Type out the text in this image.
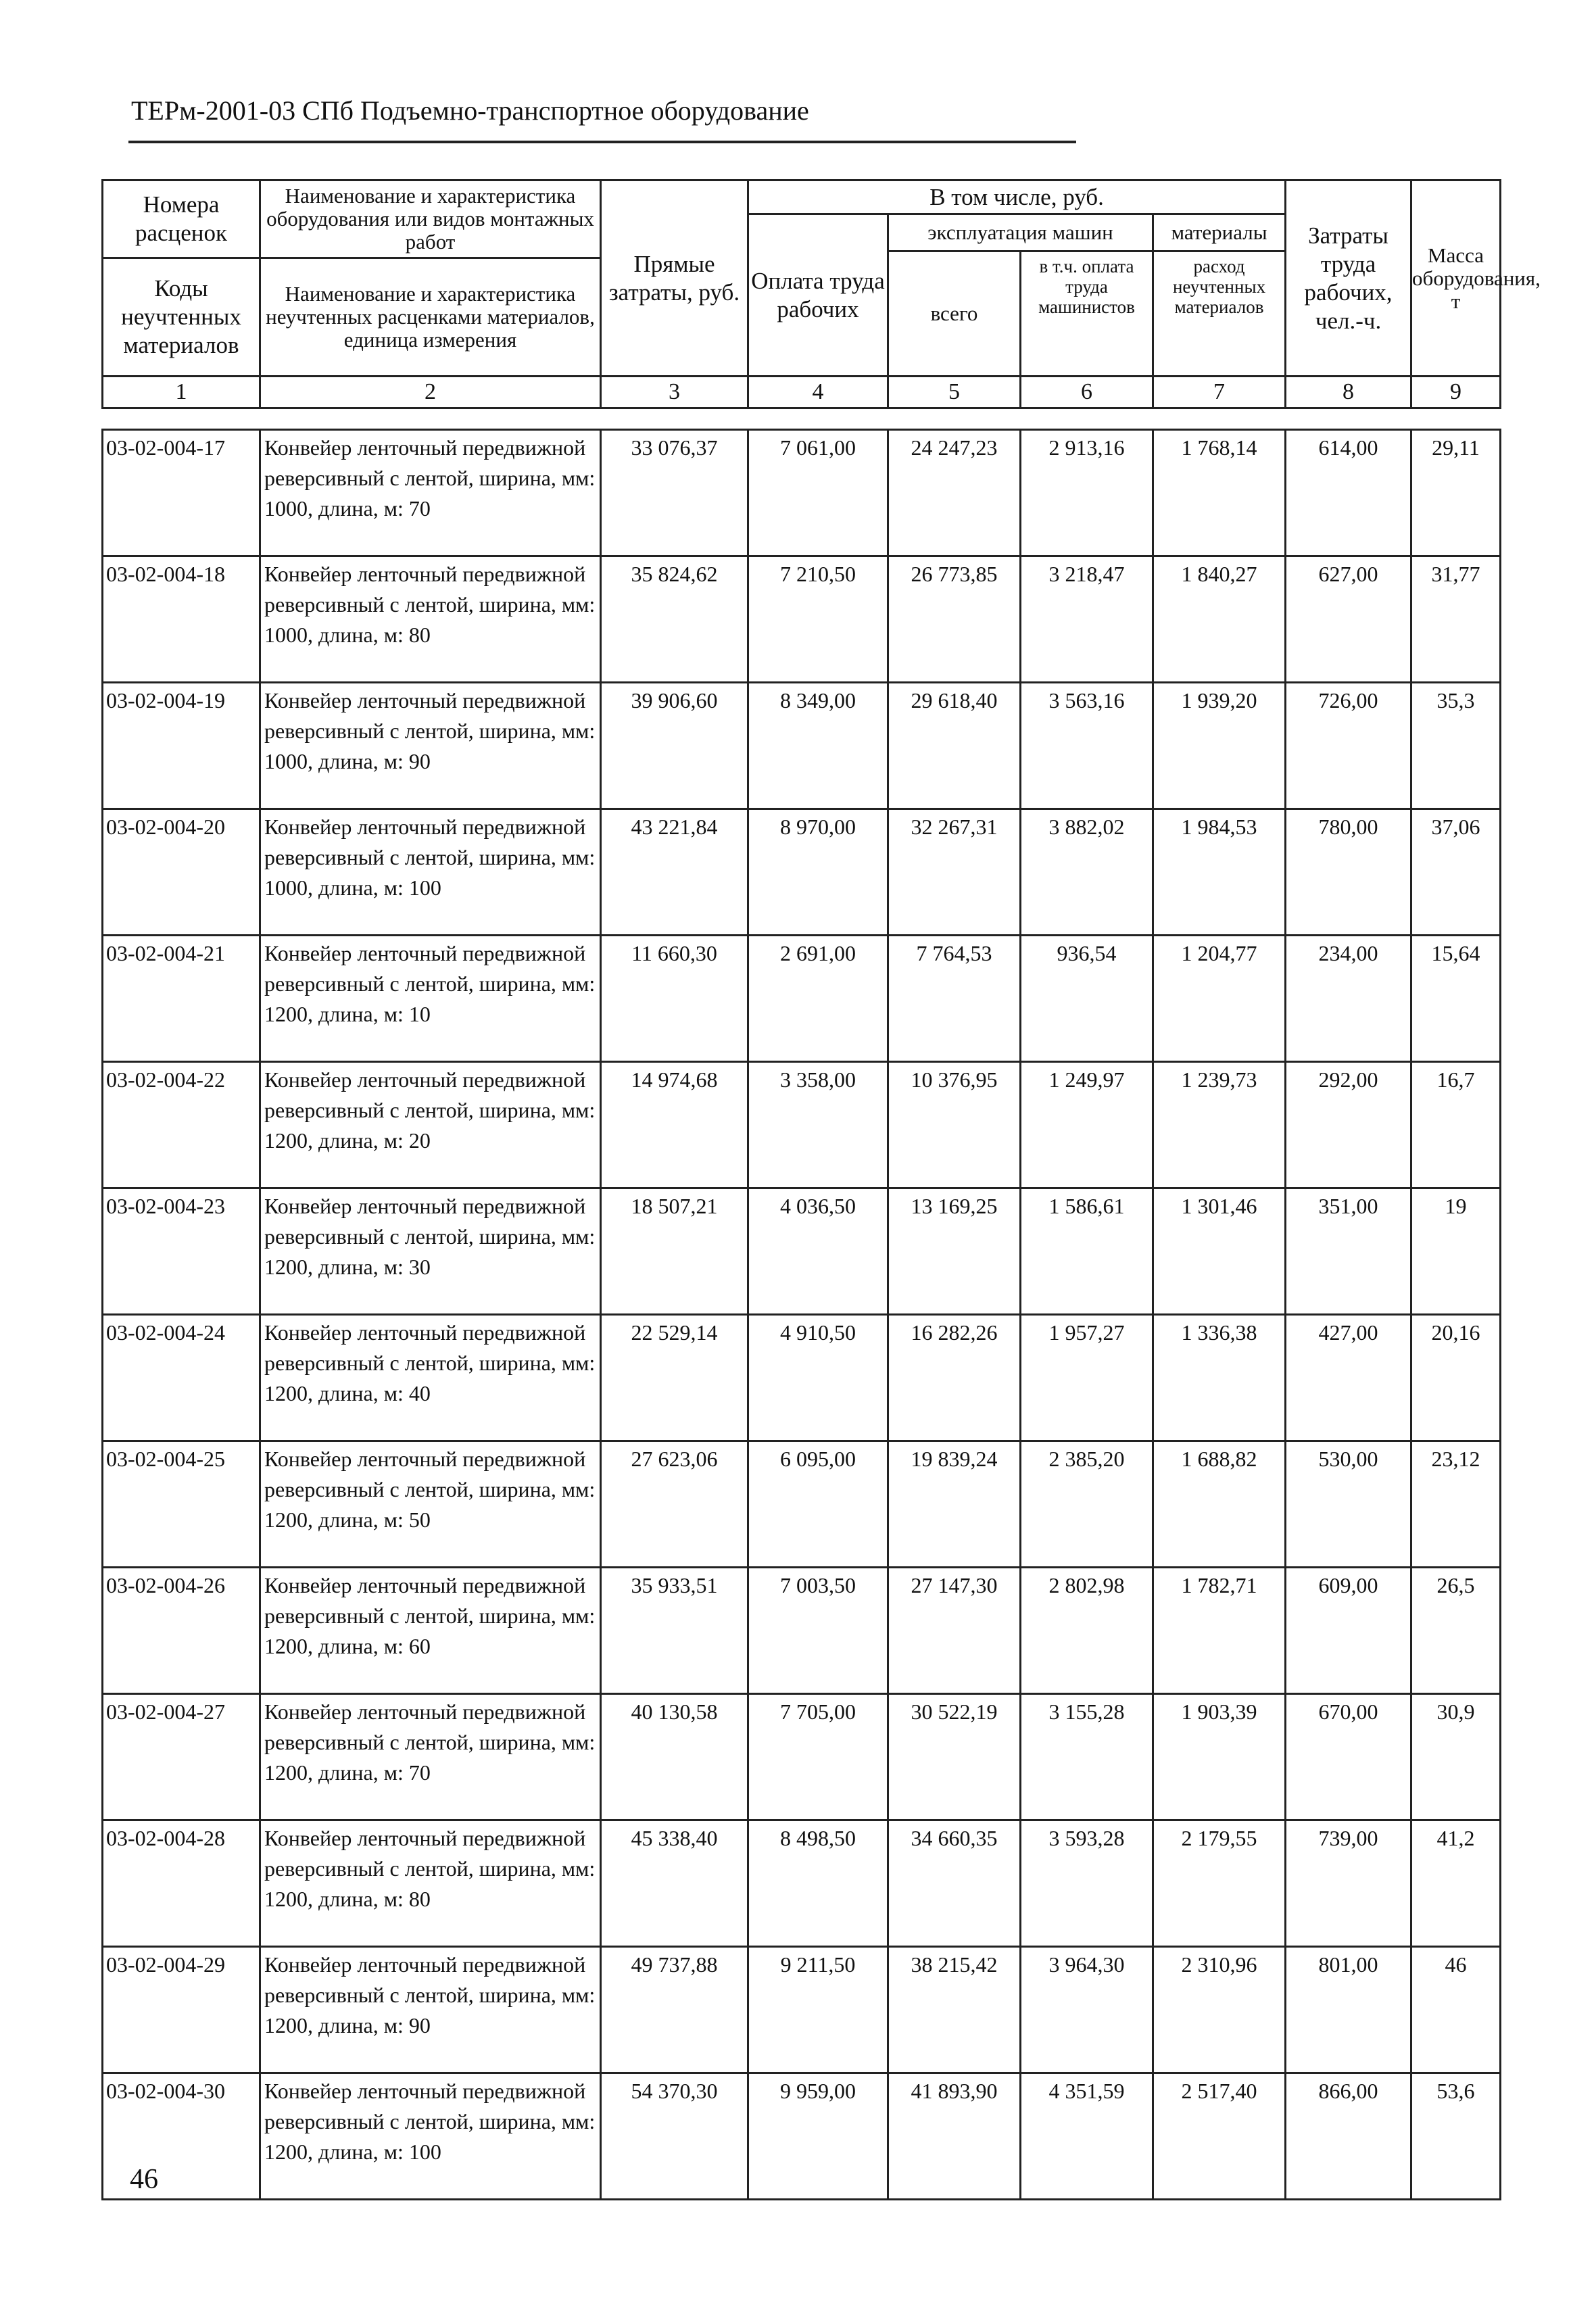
ТЕРм-2001-03 СПб Подъемно-транспортное оборудование
Номера расценок	Наименование и характеристика оборудования или видов монтажных работ	Прямые затраты, руб.	В том числе, руб.				Затраты труда рабочих, чел.-ч.	Масса оборудования, т
			Оплата труда рабочих	эксплуатация машин		материалы		
				всего	в т.ч. оплата труда машинистов	расход неучтенных материалов		
Коды неучтенных материалов	Наименование и характеристика неучтенных расценками материалов, единица измерения							

1	2	3	4	5	6	7	8	9
03-02-004-17	Конвейер ленточный передвижной реверсивный с лентой, ширина, мм: 1000, длина, м: 70	33 076,37	7 061,00	24 247,23	2 913,16	1 768,14	614,00	29,11
03-02-004-18	Конвейер ленточный передвижной реверсивный с лентой, ширина, мм: 1000, длина, м: 80	35 824,62	7 210,50	26 773,85	3 218,47	1 840,27	627,00	31,77
03-02-004-19	Конвейер ленточный передвижной реверсивный с лентой, ширина, мм: 1000, длина, м: 90	39 906,60	8 349,00	29 618,40	3 563,16	1 939,20	726,00	35,3
03-02-004-20	Конвейер ленточный передвижной реверсивный с лентой, ширина, мм: 1000, длина, м: 100	43 221,84	8 970,00	32 267,31	3 882,02	1 984,53	780,00	37,06
03-02-004-21	Конвейер ленточный передвижной реверсивный с лентой, ширина, мм: 1200, длина, м: 10	11 660,30	2 691,00	7 764,53	936,54	1 204,77	234,00	15,64
03-02-004-22	Конвейер ленточный передвижной реверсивный с лентой, ширина, мм: 1200, длина, м: 20	14 974,68	3 358,00	10 376,95	1 249,97	1 239,73	292,00	16,7
03-02-004-23	Конвейер ленточный передвижной реверсивный с лентой, ширина, мм: 1200, длина, м: 30	18 507,21	4 036,50	13 169,25	1 586,61	1 301,46	351,00	19
03-02-004-24	Конвейер ленточный передвижной реверсивный с лентой, ширина, мм: 1200, длина, м: 40	22 529,14	4 910,50	16 282,26	1 957,27	1 336,38	427,00	20,16
03-02-004-25	Конвейер ленточный передвижной реверсивный с лентой, ширина, мм: 1200, длина, м: 50	27 623,06	6 095,00	19 839,24	2 385,20	1 688,82	530,00	23,12
03-02-004-26	Конвейер ленточный передвижной реверсивный с лентой, ширина, мм: 1200, длина, м: 60	35 933,51	7 003,50	27 147,30	2 802,98	1 782,71	609,00	26,5
03-02-004-27	Конвейер ленточный передвижной реверсивный с лентой, ширина, мм: 1200, длина, м: 70	40 130,58	7 705,00	30 522,19	3 155,28	1 903,39	670,00	30,9
03-02-004-28	Конвейер ленточный передвижной реверсивный с лентой, ширина, мм: 1200, длина, м: 80	45 338,40	8 498,50	34 660,35	3 593,28	2 179,55	739,00	41,2
03-02-004-29	Конвейер ленточный передвижной реверсивный с лентой, ширина, мм: 1200, длина, м: 90	49 737,88	9 211,50	38 215,42	3 964,30	2 310,96	801,00	46
03-02-004-30	Конвейер ленточный передвижной реверсивный с лентой, ширина, мм: 1200, длина, м: 100	54 370,30	9 959,00	41 893,90	4 351,59	2 517,40	866,00	53,6
46
